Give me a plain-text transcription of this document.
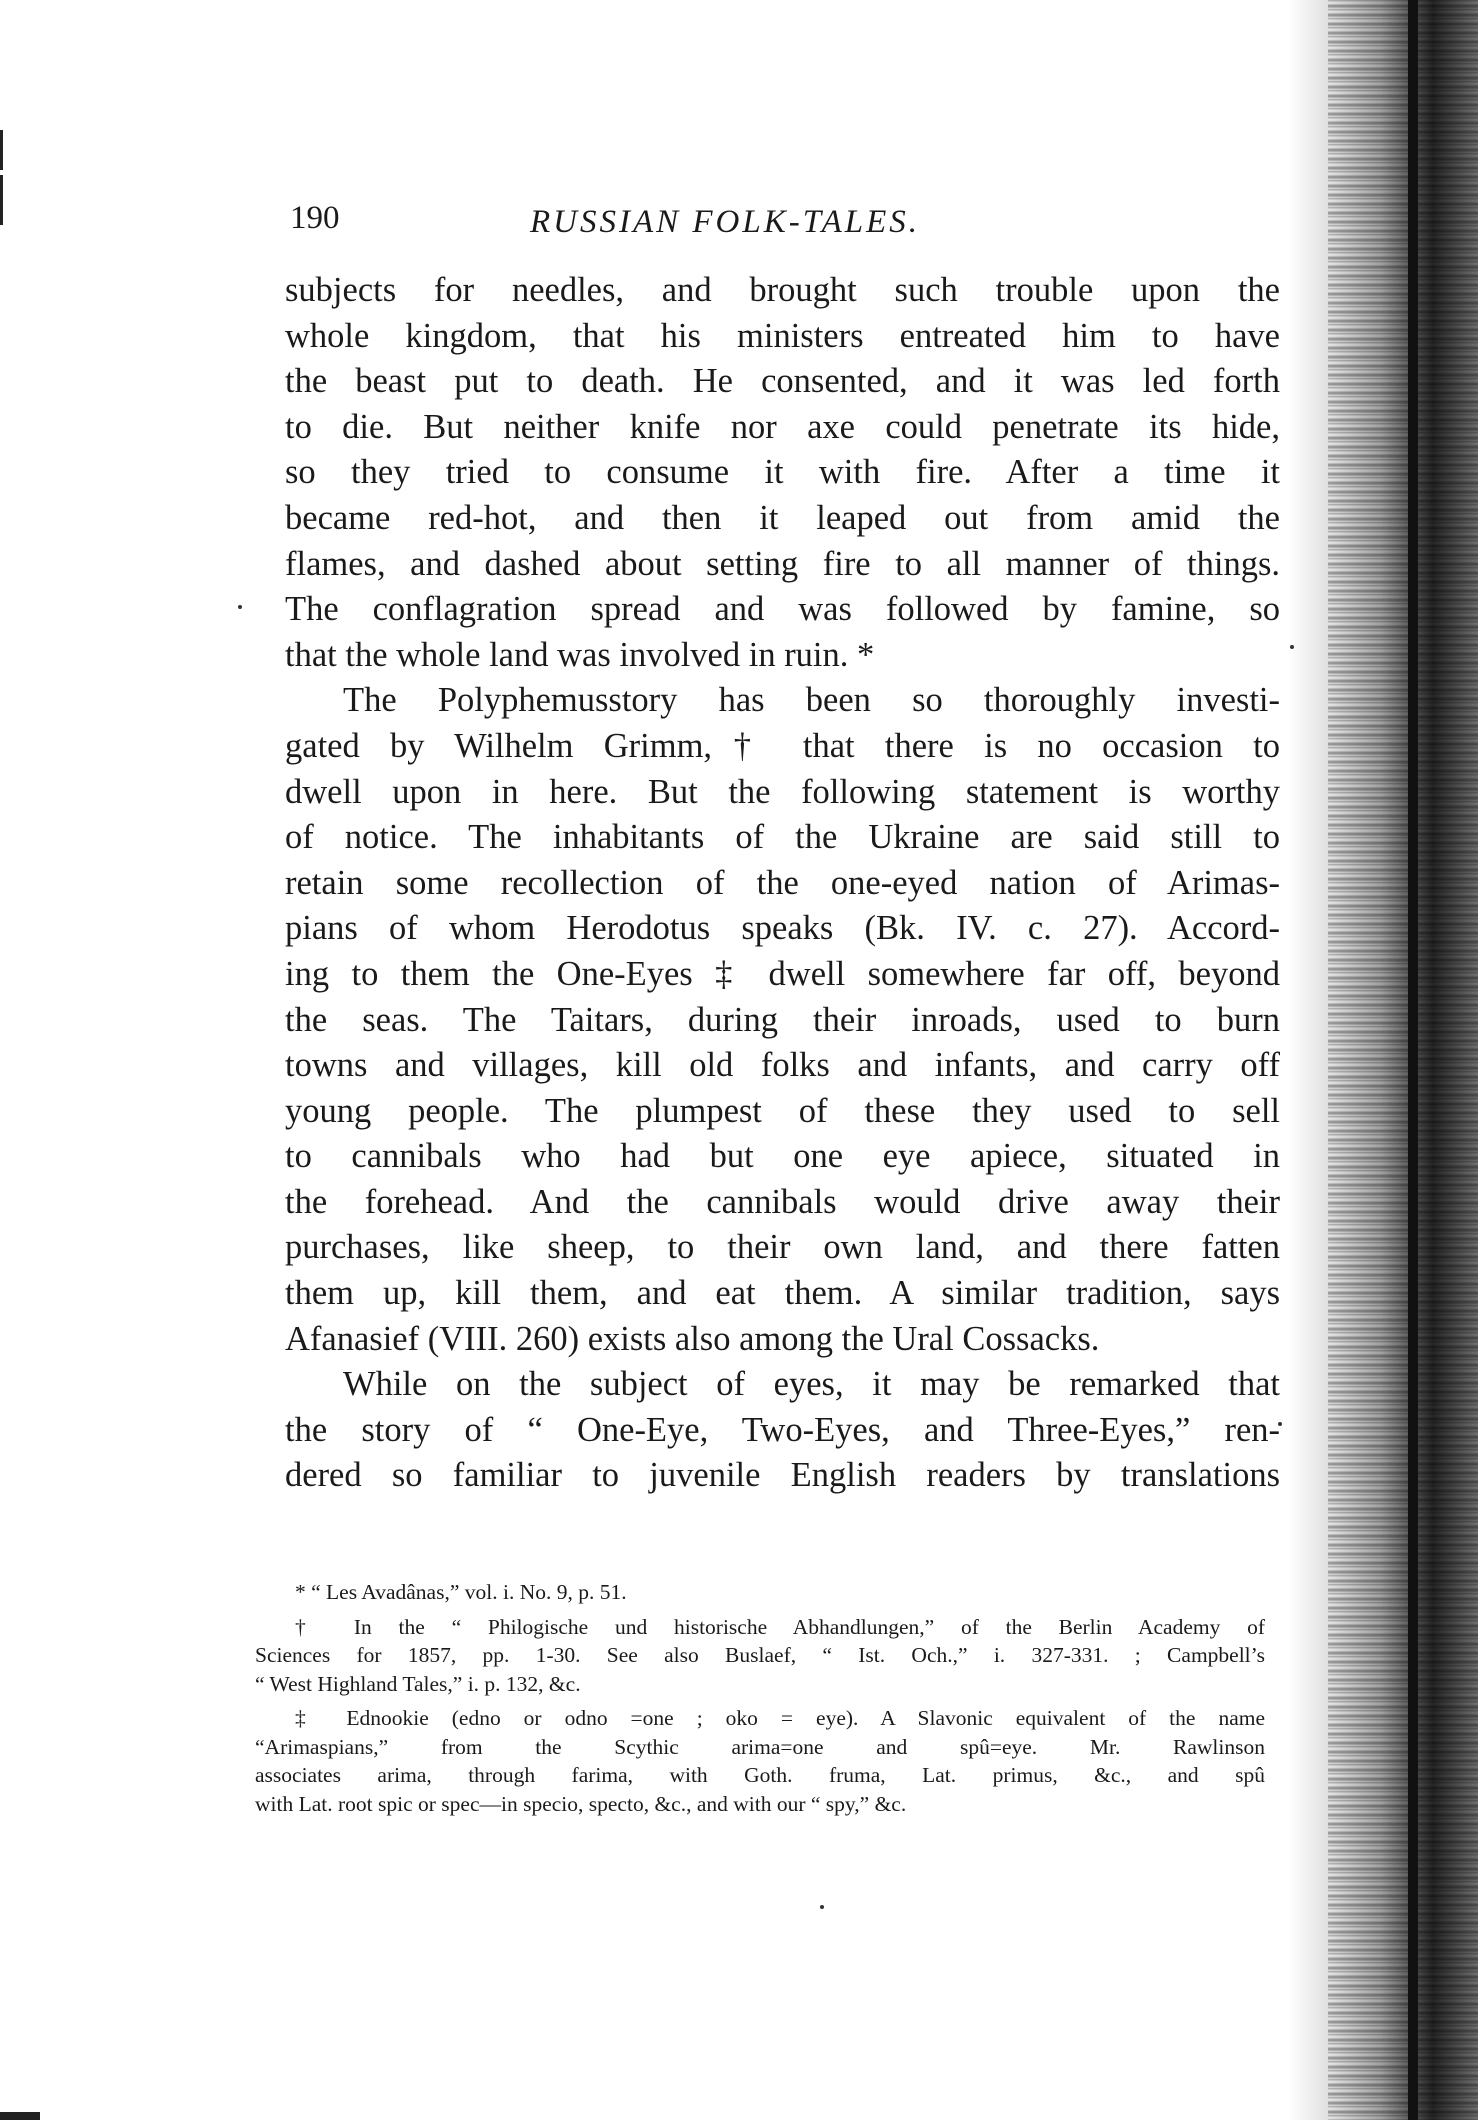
190	RUSSIAN FOLK-TALES.
subjects for needles, and brought such trouble upon the
whole kingdom, that his ministers entreated him to have
the beast put to death. He consented, and it was led forth
to die. But neither knife nor axe could penetrate its hide,
so they tried to consume it with fire. After a time it
became red-hot, and then it leaped out from amid the
flames, and dashed about setting fire to all manner of things.
The conflagration spread and was followed by famine, so
that the whole land was involved in ruin. *
The Polyphemusstory has been so thoroughly investi-
gated by Wilhelm Grimm,† that there is no occasion to
dwell upon in here. But the following statement is worthy
of notice. The inhabitants of the Ukraine are said still to
retain some recollection of the one-eyed nation of Arimas-
pians of whom Herodotus speaks (Bk. IV. c. 27). Accord-
ing to them the One-Eyes ‡ dwell somewhere far off, beyond
the seas. The Taitars, during their inroads, used to burn
towns and villages, kill old folks and infants, and carry off
young people. The plumpest of these they used to sell
to cannibals who had but one eye apiece, situated in
the forehead. And the cannibals would drive away their
purchases, like sheep, to their own land, and there fatten
them up, kill them, and eat them. A similar tradition, says
Afanasief (VIII. 260) exists also among the Ural Cossacks.
While on the subject of eyes, it may be remarked that
the story of “ One-Eye, Two-Eyes, and Three-Eyes,” ren-
dered so familiar to juvenile English readers by translations
* “ Les Avadânas,” vol. i. No. 9, p. 51.
† In the “ Philogische und historische Abhandlungen,” of the Berlin Academy of
Sciences for 1857, pp. 1-30. See also Buslaef, “ Ist. Och.,” i. 327-331. ; Campbell’s
“ West Highland Tales,” i. p. 132, &c.
‡ Ednookie (edno or odno =one ; oko = eye). A Slavonic equivalent of the name
“Arimaspians,” from the Scythic arima=one and spû=eye. Mr. Rawlinson
associates arima, through farima, with Goth. fruma, Lat. primus, &c., and spû
with Lat. root spic or spec—in specio, specto, &c., and with our “ spy,” &c.
